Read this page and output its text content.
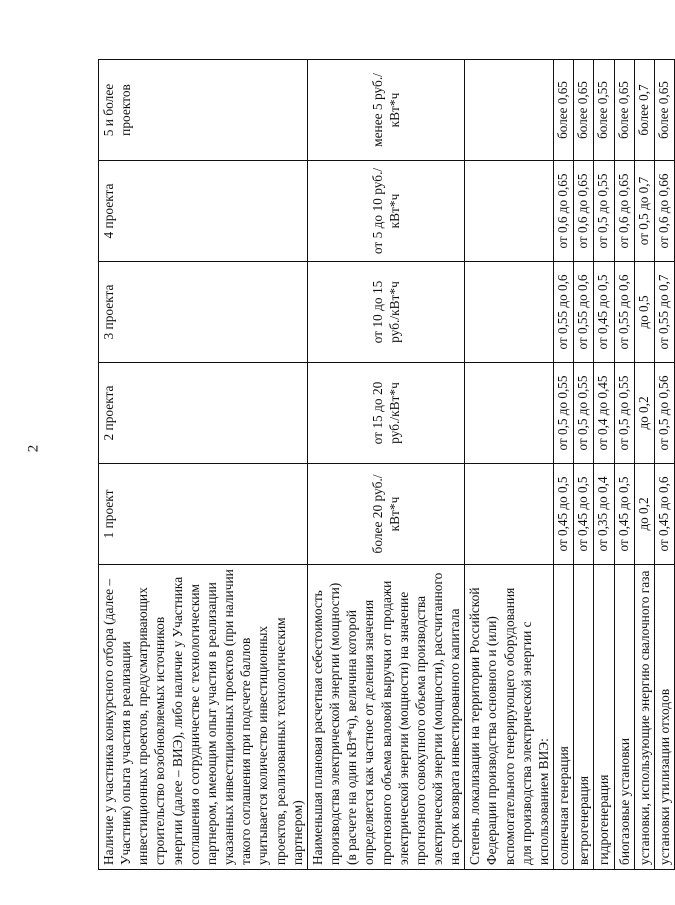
2
Наличие у участника конкурсного отбора (далее – Участник) опыта участия в реализации инвестиционных проектов, предусматривающих строительство возобновляемых источников энергии (далее – ВИЭ), либо наличие у Участника соглашения о сотрудничестве с технологическим партнером, имеющим опыт участия в реализации указанных инвестиционных проектов (при наличии такого соглашения при подсчете баллов учитывается количество инвестиционных проектов, реализованных технологическим партнером)	1 проект	2 проекта	3 проекта	4 проекта	5 и более проектов
Наименьшая плановая расчетная себестоимость производства электрической энергии (мощности) (в расчете на один кВт*ч), величина которой определяется как частное от деления значения прогнозного объема валовой выручки от продажи электрической энергии (мощности) на значение прогнозного совокупного объема производства электрической энергии (мощности), рассчитанного на срок возврата инвестированного капитала	более 20 руб./кВт*ч	от 15 до 20 руб./кВт*ч	от 10 до 15 руб./кВт*ч	от 5 до 10 руб./кВт*ч	менее 5 руб./кВт*ч
Степень локализации на территории Российской Федерации производства основного и (или) вспомогательного генерирующего оборудования для производства электрической энергии с использованием ВИЭ:					
солнечная генерация	от 0,45 до 0,5	от 0,5 до 0,55	от 0,55 до 0,6	от 0,6 до 0,65	более 0,65
ветрогенерация	от 0,45 до 0,5	от 0,5 до 0,55	от 0,55 до 0,6	от 0,6 до 0,65	более 0,65
гидрогенерация	от 0,35 до 0,4	от 0,4 до 0,45	от 0,45 до 0,5	от 0,5 до 0,55	более 0,55
биогазовые установки	от 0,45 до 0,5	от 0,5 до 0,55	от 0,55 до 0,6	от 0,6 до 0,65	более 0,65
установки, использующие энергию свалочного газа	до 0,2	до 0,2	до 0,5	от 0,5 до 0,7	более 0,7
установки утилизации отходов	от 0,45 до 0,6	от 0,5 до 0,56	от 0,55 до 0,7	от 0,6 до 0,66	более 0,65
